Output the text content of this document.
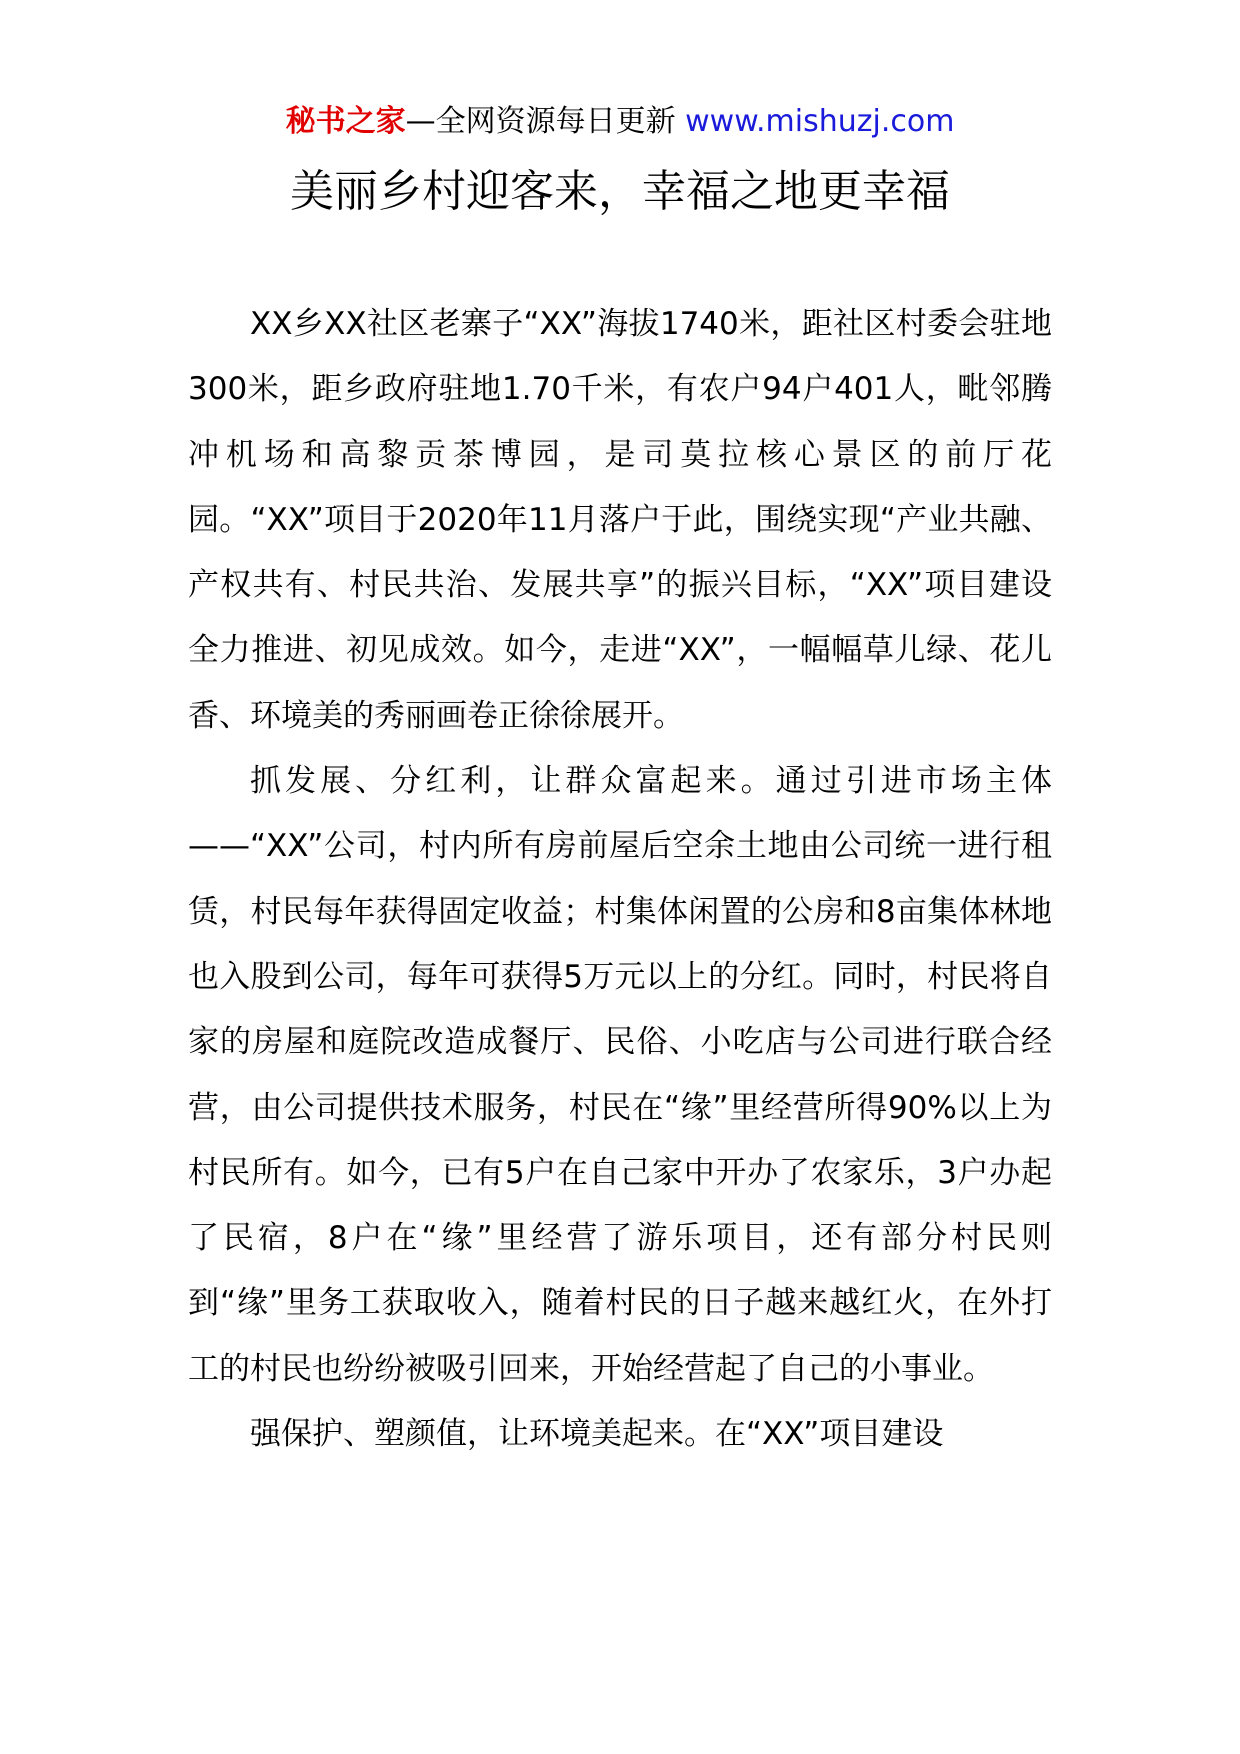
秘书之家—全网资源每日更新 www.mishuzj.com
美丽乡村迎客来，幸福之地更幸福

XX乡XX社区老寨子“XX”海拔1740米，距社区村委会驻地300米，距乡政府驻地1.70千米，有农户94户401人，毗邻腾冲机场和高黎贡茶博园，是司莫拉核心景区的前厅花园。“XX”项目于2020年11月落户于此，围绕实现“产业共融、产权共有、村民共治、发展共享”的振兴目标，“XX”项目建设全力推进、初见成效。如今，走进“XX”，一幅幅草儿绿、花儿香、环境美的秀丽画卷正徐徐展开。

抓发展、分红利，让群众富起来。通过引进市场主体——“XX”公司，村内所有房前屋后空余土地由公司统一进行租赁，村民每年获得固定收益；村集体闲置的公房和8亩集体林地也入股到公司，每年可获得5万元以上的分红。同时，村民将自家的房屋和庭院改造成餐厅、民俗、小吃店与公司进行联合经营，由公司提供技术服务，村民在“缘”里经营所得90%以上为村民所有。如今，已有5户在自己家中开办了农家乐，3户办起了民宿，8户在“缘”里经营了游乐项目，还有部分村民则到“缘”里务工获取收入，随着村民的日子越来越红火，在外打工的村民也纷纷被吸引回来，开始经营起了自己的小事业。

强保护、塑颜值，让环境美起来。在“XX”项目建设
